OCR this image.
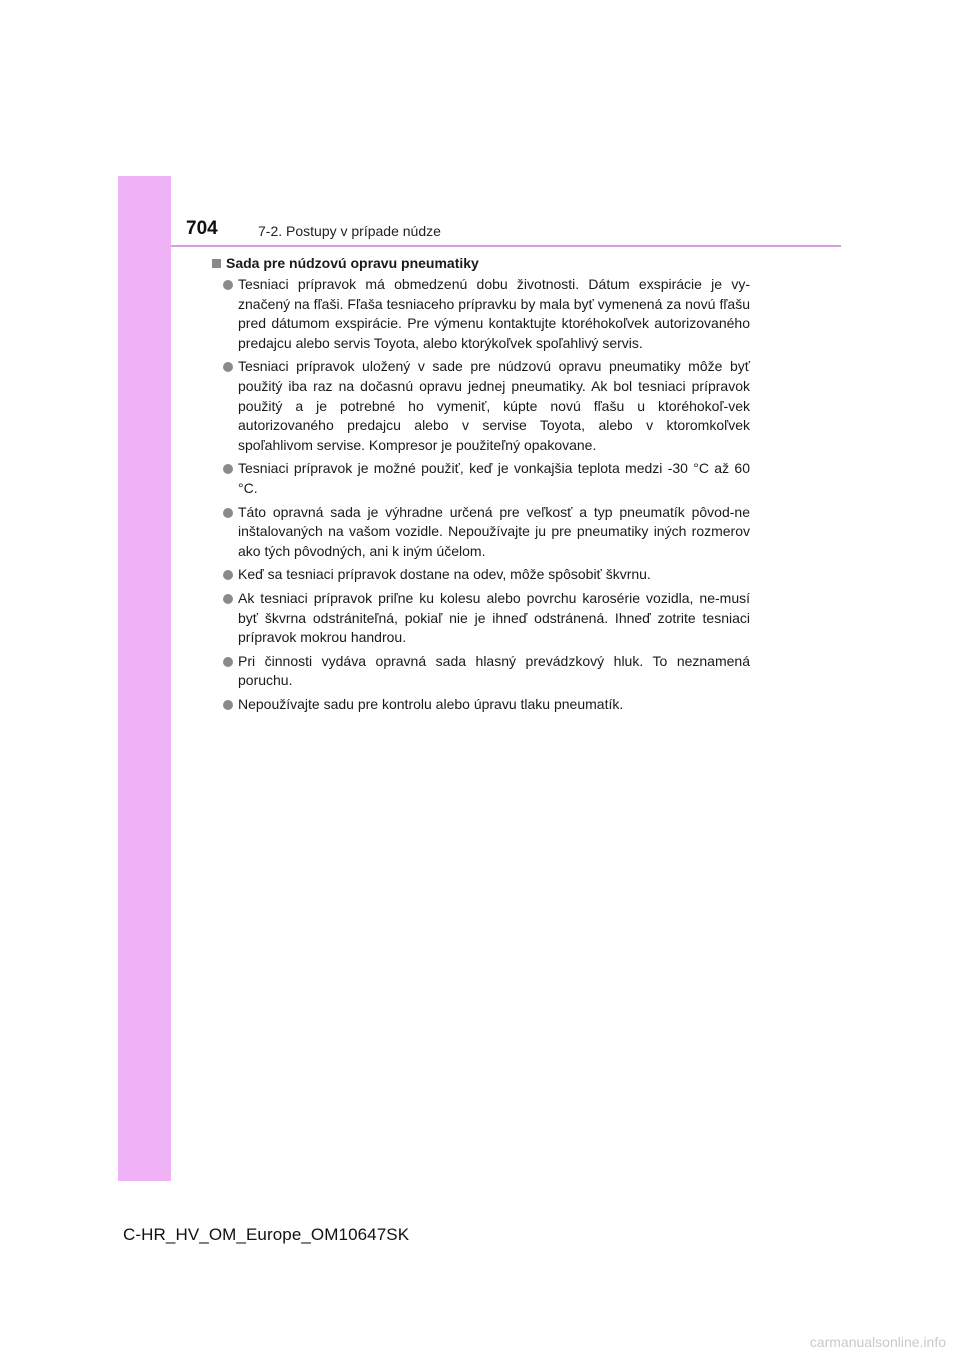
704	7-2. Postupy v prípade núdze
Sada pre núdzovú opravu pneumatiky
Tesniaci prípravok má obmedzenú dobu životnosti. Dátum exspirácie je vy-značený na fľaši. Fľaša tesniaceho prípravku by mala byť vymenená za novú fľašu pred dátumom exspirácie. Pre výmenu kontaktujte ktoréhokoľvek autorizovaného predajcu alebo servis Toyota, alebo ktorýkoľvek spoľahlivý servis.
Tesniaci prípravok uložený v sade pre núdzovú opravu pneumatiky môže byť použitý iba raz na dočasnú opravu jednej pneumatiky. Ak bol tesniaci prípravok použitý a je potrebné ho vymeniť, kúpte novú fľašu u ktoréhokoľ-vek autorizovaného predajcu alebo v servise Toyota, alebo v ktoromkoľvek spoľahlivom servise. Kompresor je použiteľný opakovane.
Tesniaci prípravok je možné použiť, keď je vonkajšia teplota medzi -30 °C až 60 °C.
Táto opravná sada je výhradne určená pre veľkosť a typ pneumatík pôvod-ne inštalovaných na vašom vozidle. Nepoužívajte ju pre pneumatiky iných rozmerov ako tých pôvodných, ani k iným účelom.
Keď sa tesniaci prípravok dostane na odev, môže spôsobiť škvrnu.
Ak tesniaci prípravok priľne ku kolesu alebo povrchu karosérie vozidla, ne-musí byť škvrna odstrániteľná, pokiaľ nie je ihneď odstránená. Ihneď zotrite tesniaci prípravok mokrou handrou.
Pri činnosti vydáva opravná sada hlasný prevádzkový hluk. To neznamená poruchu.
Nepoužívajte sadu pre kontrolu alebo úpravu tlaku pneumatík.
C-HR_HV_OM_Europe_OM10647SK
carmanualsonline.info
